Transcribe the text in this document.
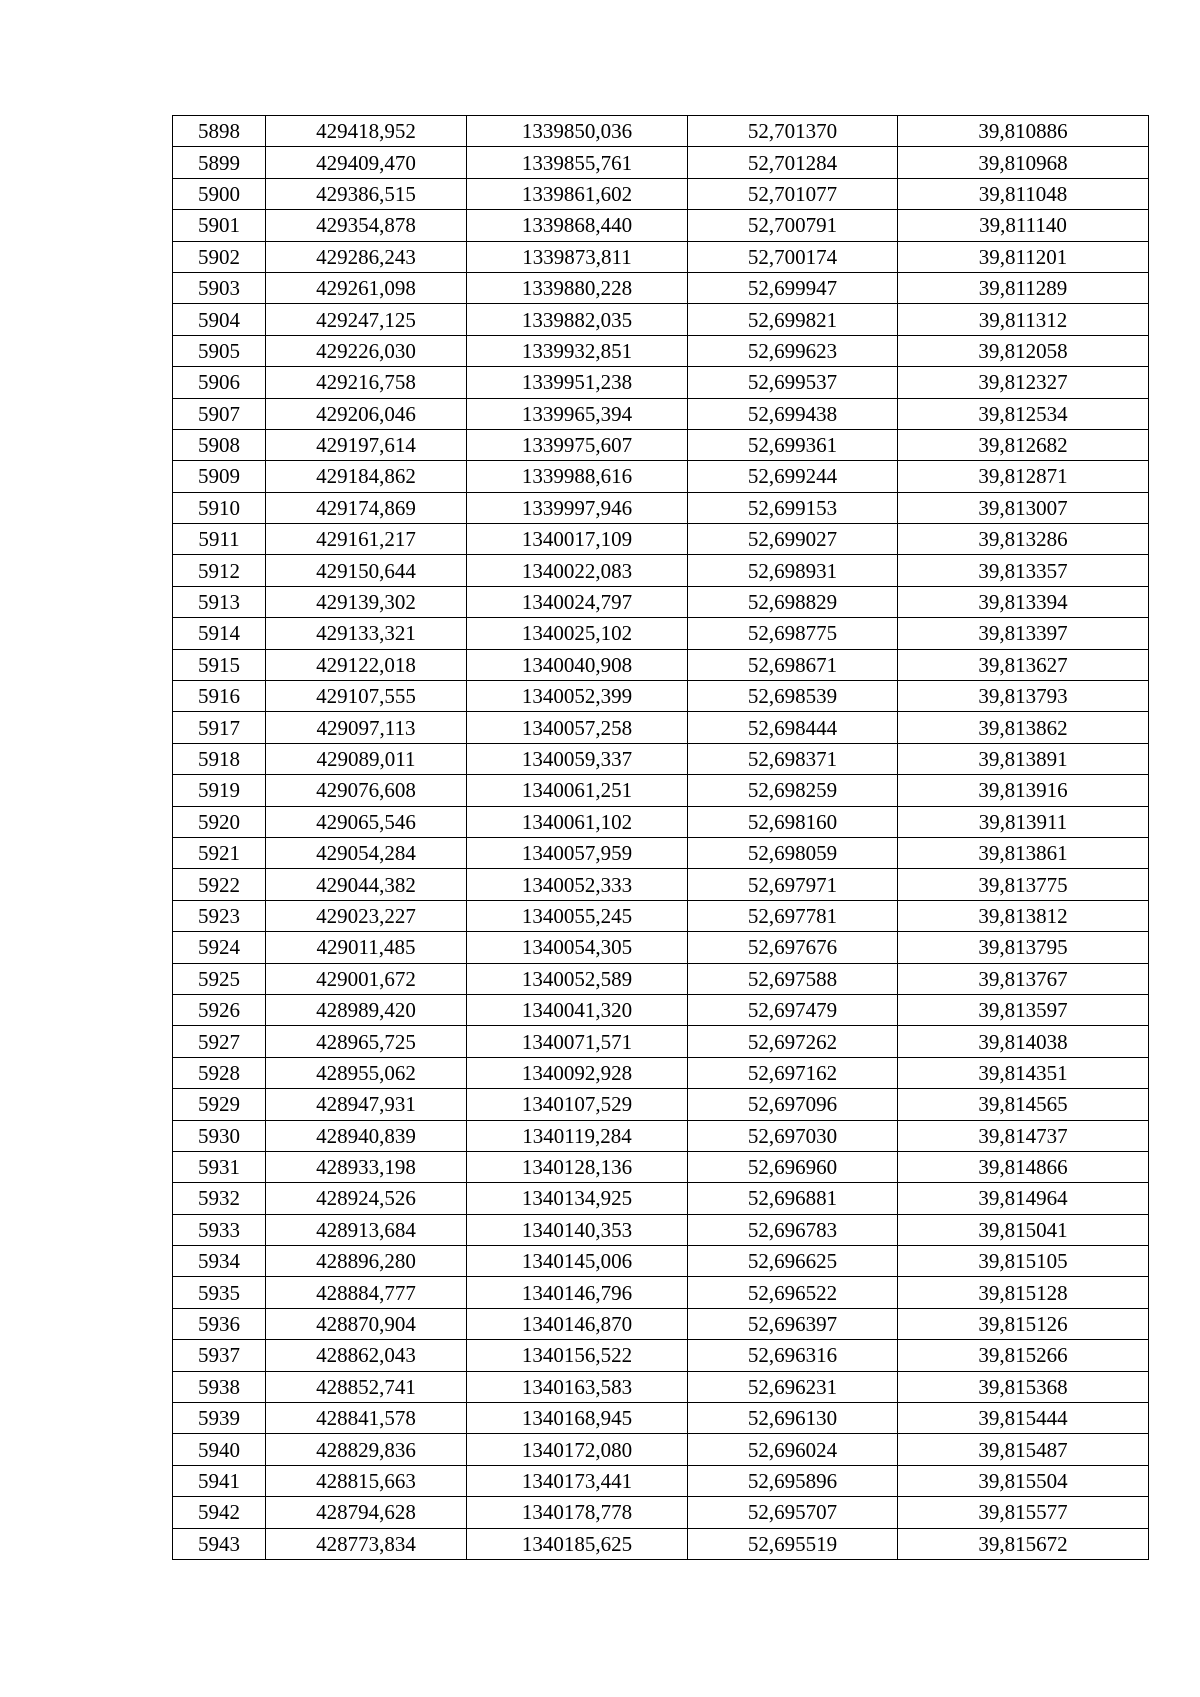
5898	429418,952	1339850,036	52,701370	39,810886
5899	429409,470	1339855,761	52,701284	39,810968
5900	429386,515	1339861,602	52,701077	39,811048
5901	429354,878	1339868,440	52,700791	39,811140
5902	429286,243	1339873,811	52,700174	39,811201
5903	429261,098	1339880,228	52,699947	39,811289
5904	429247,125	1339882,035	52,699821	39,811312
5905	429226,030	1339932,851	52,699623	39,812058
5906	429216,758	1339951,238	52,699537	39,812327
5907	429206,046	1339965,394	52,699438	39,812534
5908	429197,614	1339975,607	52,699361	39,812682
5909	429184,862	1339988,616	52,699244	39,812871
5910	429174,869	1339997,946	52,699153	39,813007
5911	429161,217	1340017,109	52,699027	39,813286
5912	429150,644	1340022,083	52,698931	39,813357
5913	429139,302	1340024,797	52,698829	39,813394
5914	429133,321	1340025,102	52,698775	39,813397
5915	429122,018	1340040,908	52,698671	39,813627
5916	429107,555	1340052,399	52,698539	39,813793
5917	429097,113	1340057,258	52,698444	39,813862
5918	429089,011	1340059,337	52,698371	39,813891
5919	429076,608	1340061,251	52,698259	39,813916
5920	429065,546	1340061,102	52,698160	39,813911
5921	429054,284	1340057,959	52,698059	39,813861
5922	429044,382	1340052,333	52,697971	39,813775
5923	429023,227	1340055,245	52,697781	39,813812
5924	429011,485	1340054,305	52,697676	39,813795
5925	429001,672	1340052,589	52,697588	39,813767
5926	428989,420	1340041,320	52,697479	39,813597
5927	428965,725	1340071,571	52,697262	39,814038
5928	428955,062	1340092,928	52,697162	39,814351
5929	428947,931	1340107,529	52,697096	39,814565
5930	428940,839	1340119,284	52,697030	39,814737
5931	428933,198	1340128,136	52,696960	39,814866
5932	428924,526	1340134,925	52,696881	39,814964
5933	428913,684	1340140,353	52,696783	39,815041
5934	428896,280	1340145,006	52,696625	39,815105
5935	428884,777	1340146,796	52,696522	39,815128
5936	428870,904	1340146,870	52,696397	39,815126
5937	428862,043	1340156,522	52,696316	39,815266
5938	428852,741	1340163,583	52,696231	39,815368
5939	428841,578	1340168,945	52,696130	39,815444
5940	428829,836	1340172,080	52,696024	39,815487
5941	428815,663	1340173,441	52,695896	39,815504
5942	428794,628	1340178,778	52,695707	39,815577
5943	428773,834	1340185,625	52,695519	39,815672
